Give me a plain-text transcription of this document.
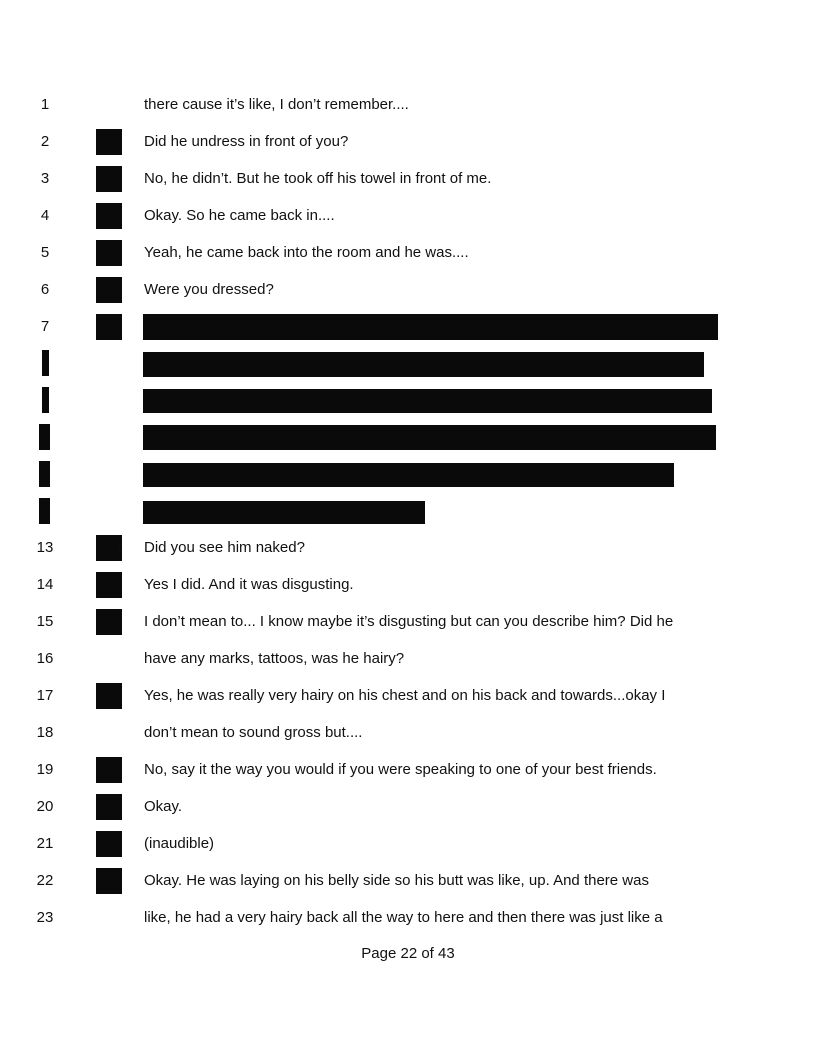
1	there cause it’s like, I don’t remember....
2	Did he undress in front of you?
3	No, he didn’t. But he took off his towel in front of me.
4	Okay. So he came back in....
5	: Yeah, he came back into the room and he was....
6	Were you dressed?
7	:
13	: Did you see him naked?
14	: Yes I did. And it was disgusting.
15	: I don’t mean to... I know maybe it’s disgusting but can you describe him? Did he
16	have any marks, tattoos, was he hairy?
17	Yes, he was really very hairy on his chest and on his back and towards...okay I
18	don’t mean to sound gross but....
19	No, say it the way you would if you were speaking to one of your best friends.
20	Okay.
21	(inaudible)
22	Okay. He was laying on his belly side so his butt was like, up. And there was
23	like, he had a very hairy back all the way to here and then there was just like a
Page 22 of 43
